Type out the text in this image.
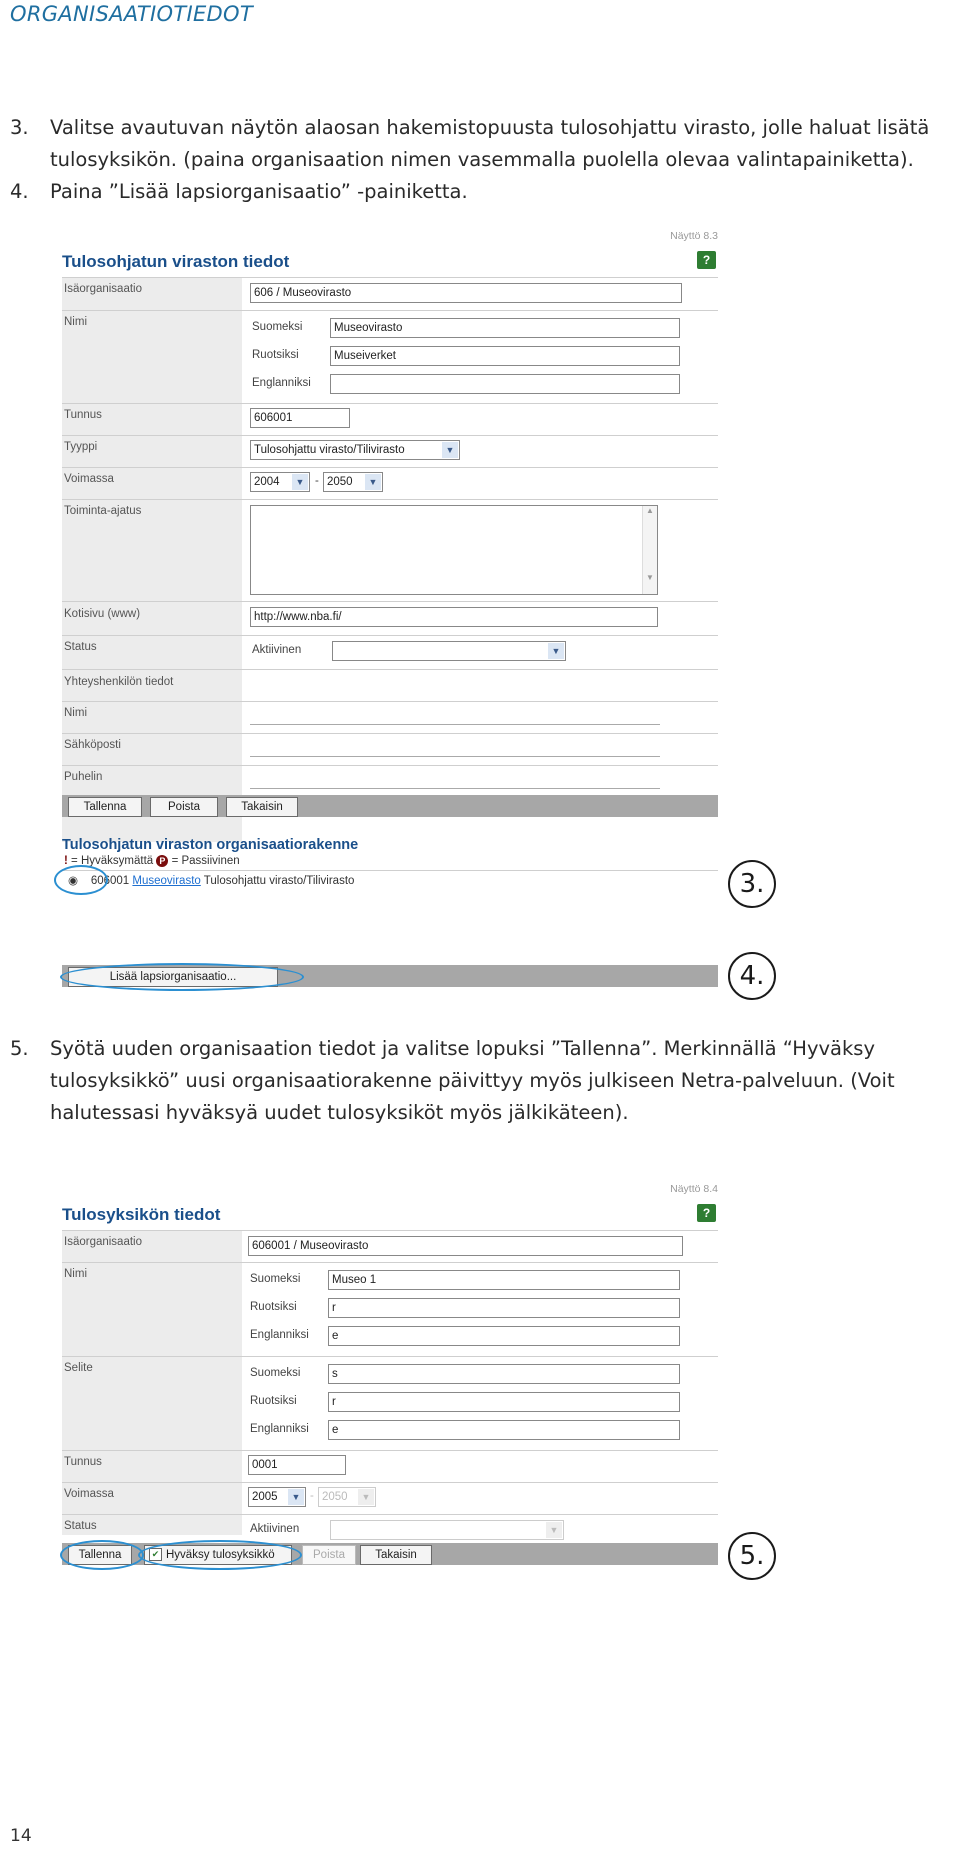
ORGANISAATIOTIEDOT
3.	Valitse avautuvan näytön alaosan hakemistopuusta tulosohjattu virasto, jolle haluat lisätä tulosyksikön. (paina organisaation nimen vasemmalla puolella olevaa valintapainiketta).
4.	Paina ”Lisää lapsiorganisaatio” -painiketta.
Näyttö 8.3
?
Tulosohjatun viraston tiedot
Isäorganisaatio	606 / Museovirasto
Nimi	Suomeksi	Museovirasto
Ruotsiksi	Museiverket
Englanniksi
Tunnus	606001
Tyyppi	Tulosohjattu virasto/Tilivirasto	▼
Voimassa	2004	▼ - 2050	▼
Toiminta-ajatus	▲
▼
Kotisivu (www)	http://www.nba.fi/
Status	Aktiivinen	▼
Yhteyshenkilön tiedot
Nimi
Sähköposti
Puhelin
Tallenna	Poista	Takaisin
Tulosohjatun viraston organisaatiorakenne
! = Hyväksymättä P = Passiivinen
◉ 606001 Museovirasto Tulosohjattu virasto/Tilivirasto
Lisää lapsiorganisaatio...
3.
4.
5.	Syötä uuden organisaation tiedot ja valitse lopuksi ”Tallenna”. Merkinnällä “Hyväksy tulosyksikkö” uusi organisaatiorakenne päivittyy myös julkiseen Netra-palveluun. (Voit halutessasi hyväksyä uudet tulosyksiköt myös jälkikäteen).
Näyttö 8.4
?
Tulosyksikön tiedot
Isäorganisaatio	606001 / Museovirasto
Nimi	Suomeksi	Museo 1
Ruotsiksi	r
Englanniksi	e
Selite	Suomeksi	s
Ruotsiksi	r
Englanniksi	e
Tunnus	0001
Voimassa	2005	▼ - 2050	▼
Status	Aktiivinen	▼
Tallenna	✔ Hyväksy tulosyksikkö	Poista	Takaisin	5.
14
